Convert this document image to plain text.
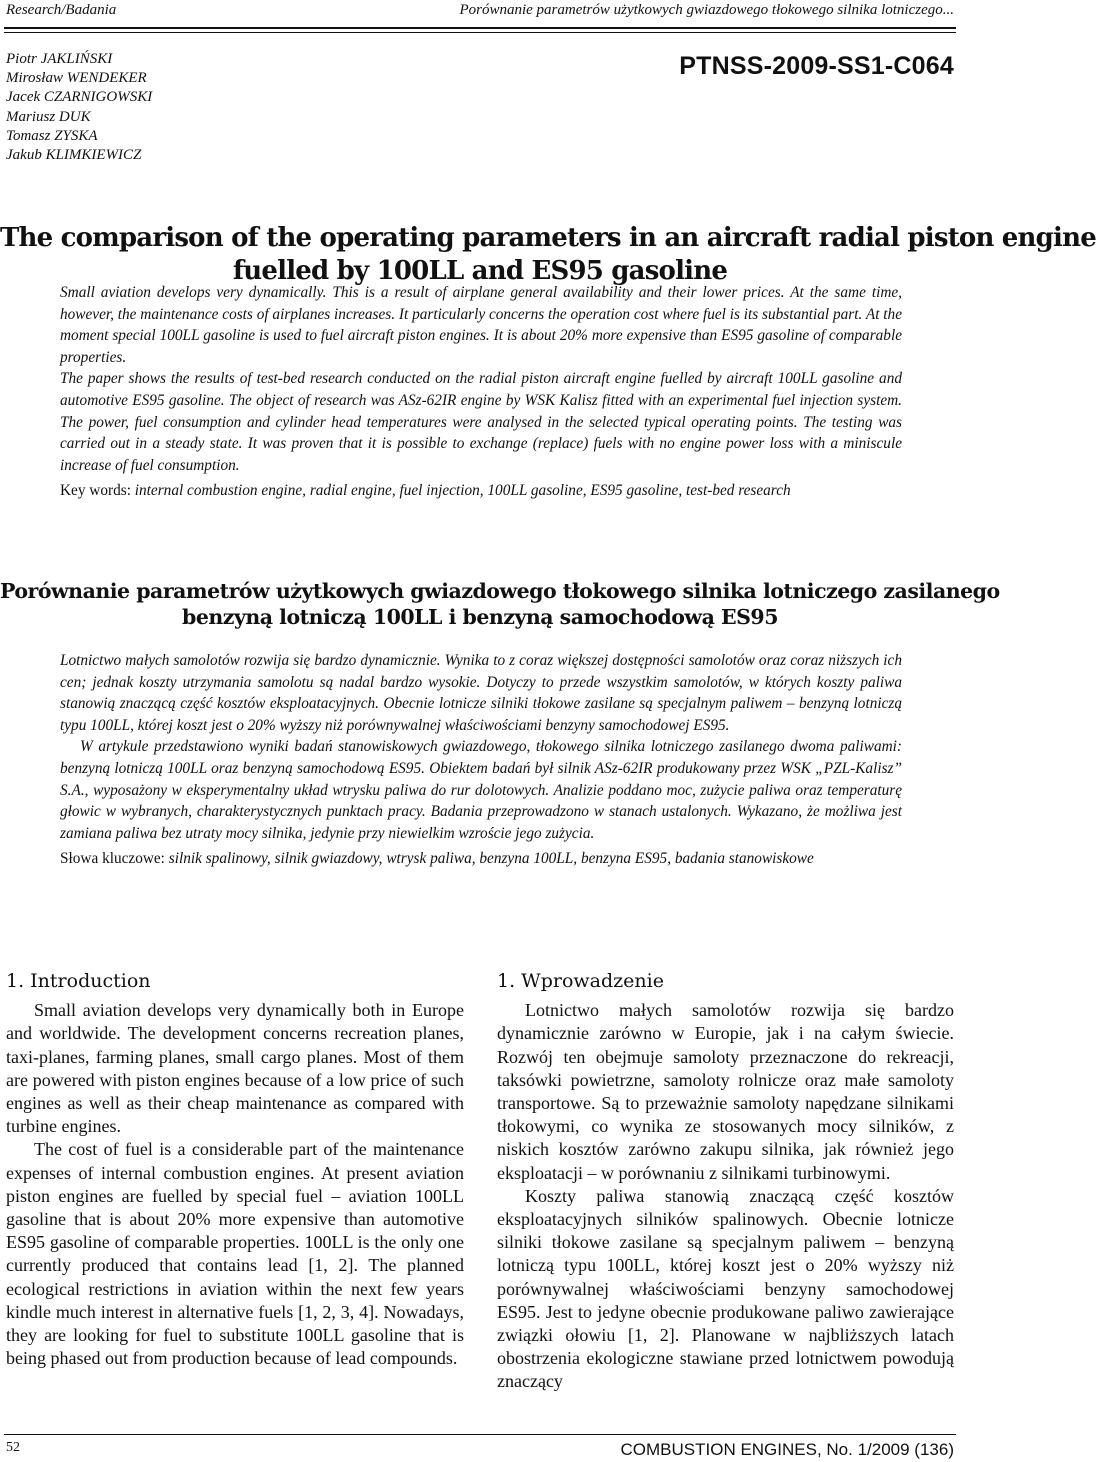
Research/Badania	Porównanie parametrów użytkowych gwiazdowego tłokowego silnika lotniczego...
Piotr JAKLIŃSKI
Mirosław WENDEKER
Jacek CZARNIGOWSKI
Mariusz DUK
Tomasz ZYSKA
Jakub KLIMKIEWICZ
PTNSS-2009-SS1-C064
The comparison of the operating parameters in an aircraft radial piston engine
fuelled by 100LL and ES95 gasoline

Small aviation develops very dynamically. This is a result of airplane general availability and their lower prices. At the same time, however, the maintenance costs of airplanes increases. It particularly concerns the operation cost where fuel is its substantial part. At the moment special 100LL gasoline is used to fuel aircraft piston engines. It is about 20% more expensive than ES95 gasoline of comparable properties.

The paper shows the results of test-bed research conducted on the radial piston aircraft engine fuelled by aircraft 100LL gasoline and automotive ES95 gasoline. The object of research was ASz-62IR engine by WSK Kalisz fitted with an experimental fuel injection system. The power, fuel consumption and cylinder head temperatures were analysed in the selected typical operating points. The testing was carried out in a steady state. It was proven that it is possible to exchange (replace) fuels with no engine power loss with a miniscule increase of fuel consumption.

Key words: internal combustion engine, radial engine, fuel injection, 100LL gasoline, ES95 gasoline, test-bed research
Porównanie parametrów użytkowych gwiazdowego tłokowego silnika lotniczego zasilanego
benzyną lotniczą 100LL i benzyną samochodową ES95

Lotnictwo małych samolotów rozwija się bardzo dynamicznie. Wynika to z coraz większej dostępności samolotów oraz coraz niższych ich cen; jednak koszty utrzymania samolotu są nadal bardzo wysokie. Dotyczy to przede wszystkim samolotów, w których koszty paliwa stanowią znaczącą część kosztów eksploatacyjnych. Obecnie lotnicze silniki tłokowe zasilane są specjalnym paliwem – benzyną lotniczą typu 100LL, której koszt jest o 20% wyższy niż porównywalnej właściwościami benzyny samochodowej ES95.

W artykule przedstawiono wyniki badań stanowiskowych gwiazdowego, tłokowego silnika lotniczego zasilanego dwoma paliwami: benzyną lotniczą 100LL oraz benzyną samochodową ES95. Obiektem badań był silnik ASz-62IR produkowany przez WSK „PZL-Kalisz” S.A., wyposażony w eksperymentalny układ wtrysku paliwa do rur dolotowych. Analizie poddano moc, zużycie paliwa oraz temperaturę głowic w wybranych, charakterystycznych punktach pracy. Badania przeprowadzono w stanach ustalonych. Wykazano, że możliwa jest zamiana paliwa bez utraty mocy silnika, jedynie przy niewielkim wzroście jego zużycia.

Słowa kluczowe: silnik spalinowy, silnik gwiazdowy, wtrysk paliwa, benzyna 100LL, benzyna ES95, badania stanowiskowe
1. Introduction

Small aviation develops very dynamically both in Europe and worldwide. The development concerns recreation planes, taxi-planes, farming planes, small cargo planes. Most of them are powered with piston engines because of a low price of such engines as well as their cheap maintenance as compared with turbine engines.

The cost of fuel is a considerable part of the maintenance expenses of internal combustion engines. At present aviation piston engines are fuelled by special fuel – aviation 100LL gasoline that is about 20% more expensive than automotive ES95 gasoline of comparable properties. 100LL is the only one currently produced that contains lead [1, 2]. The planned ecological restrictions in aviation within the next few years kindle much interest in alternative fuels [1, 2, 3, 4]. Nowadays, they are looking for fuel to substitute 100LL gasoline that is being phased out from production because of lead compounds.

1. Wprowadzenie

Lotnictwo małych samolotów rozwija się bardzo dynamicznie zarówno w Europie, jak i na całym świecie. Rozwój ten obejmuje samoloty przeznaczone do rekreacji, taksówki powietrzne, samoloty rolnicze oraz małe samoloty transportowe. Są to przeważnie samoloty napędzane silnikami tłokowymi, co wynika ze stosowanych mocy silników, z niskich kosztów zarówno zakupu silnika, jak również jego eksploatacji – w porównaniu z silnikami turbinowymi.

Koszty paliwa stanowią znaczącą część kosztów eksploatacyjnych silników spalinowych. Obecnie lotnicze silniki tłokowe zasilane są specjalnym paliwem – benzyną lotniczą typu 100LL, której koszt jest o 20% wyższy niż porównywalnej właściwościami benzyny samochodowej ES95. Jest to jedyne obecnie produkowane paliwo zawierające związki ołowiu [1, 2]. Planowane w najbliższych latach obostrzenia ekologiczne stawiane przed lotnictwem powodują znaczący

52	COMBUSTION ENGINES, No. 1/2009 (136)
